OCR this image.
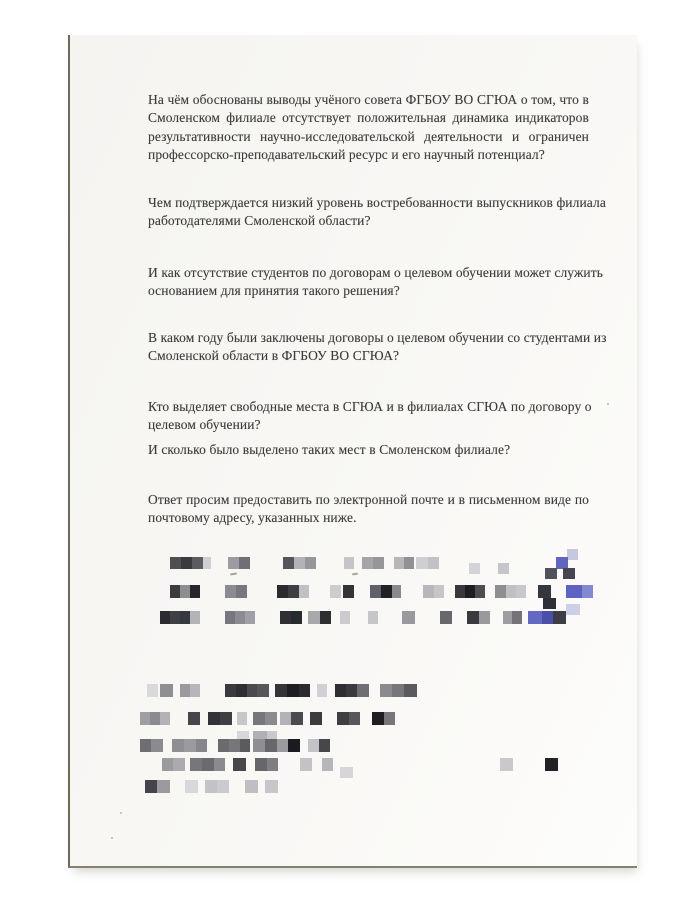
На чём обоснованы выводы учёного совета ФГБОУ ВО СГЮА о том, что в
Смоленском филиале отсутствует положительная динамика индикаторов
результативности научно-исследовательской деятельности и ограничен
профессорско-преподавательский ресурс и его научный потенциал?
Чем подтверждается низкий уровень востребованности выпускников филиала
работодателями Смоленской области?
И как отсутствие студентов по договорам о целевом обучении может служить
основанием для принятия такого решения?
В каком году были заключены договоры о целевом обучении со студентами из
Смоленской области в ФГБОУ ВО СГЮА?
Кто выделяет свободные места в СГЮА и в филиалах СГЮА по договору о
целевом обучении?
И сколько было выделено таких мест в Смоленском филиале?
Ответ просим предоставить по электронной почте и в письменном виде по
почтовому адресу, указанных ниже.
